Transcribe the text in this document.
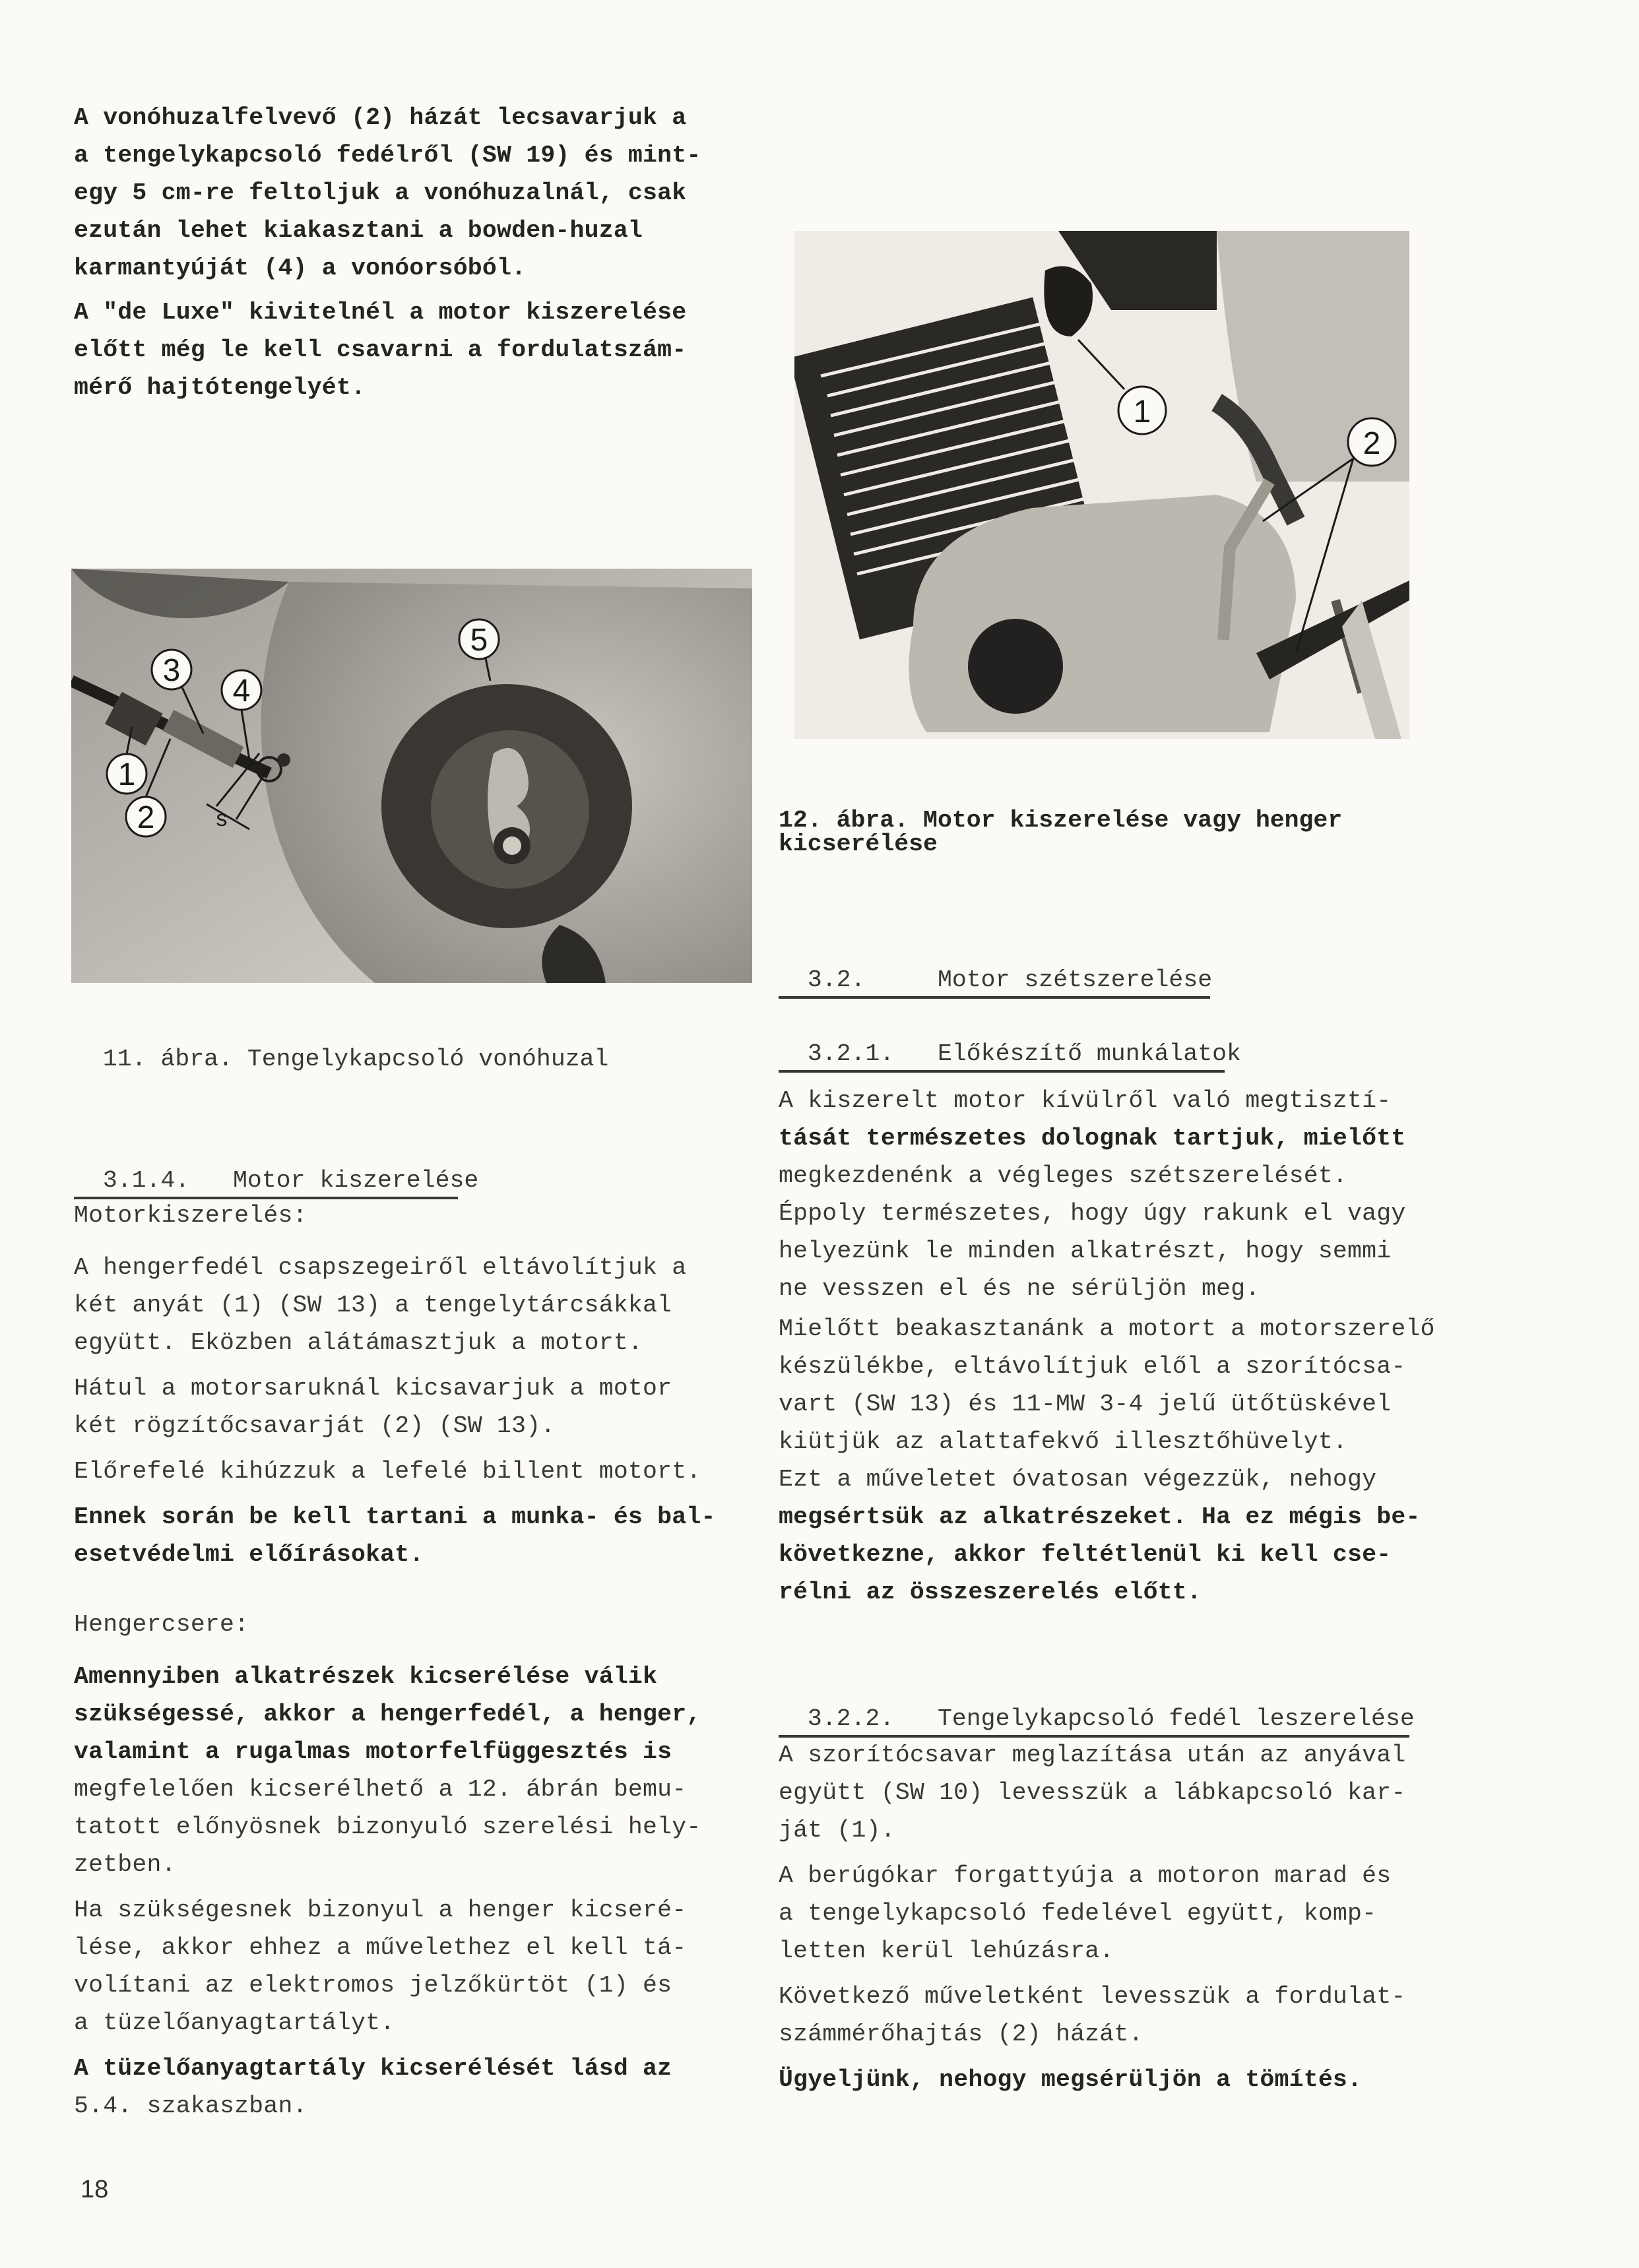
A vonóhuzalfelvevő (2) házát lecsavarjuk a

a tengelykapcsoló fedélről (SW 19) és mint-

egy 5 cm-re feltoljuk a vonóhuzalnál, csak

ezután lehet kiakasztani a bowden-huzal

karmantyúját (4) a vonóorsóból.

A "de Luxe" kivitelnél a motor kiszerelése

előtt még le kell csavarni a fordulatszám-

mérő hajtótengelyét.

1
2
3
4
5
s

11. ábra. Tengelykapcsoló vonóhuzal

3.1.4. Motor kiszerelése

Motorkiszerelés:

A hengerfedél csapszegeiről eltávolítjuk a

két anyát (1) (SW 13) a tengelytárcsákkal

együtt. Eközben alátámasztjuk a motort.

Hátul a motorsaruknál kicsavarjuk a motor

két rögzítőcsavarját (2) (SW 13).

Előrefelé kihúzzuk a lefelé billent motort.

Ennek során be kell tartani a munka- és bal-

esetvédelmi előírásokat.

Hengercsere:

Amennyiben alkatrészek kicserélése válik

szükségessé, akkor a hengerfedél, a henger,

valamint a rugalmas motorfelfüggesztés is

megfelelően kicserélhető a 12. ábrán bemu-

tatott előnyösnek bizonyuló szerelési hely-

zetben.

Ha szükségesnek bizonyul a henger kicseré-

lése, akkor ehhez a művelethez el kell tá-

volítani az elektromos jelzőkürtöt (1) és

a tüzelőanyagtartályt.

A tüzelőanyagtartály kicserélését lásd az

5.4. szakaszban.

1
2
12. ábra. Motor kiszerelése vagy henger
kicserélése

3.2.	Motor szétszerelése

3.2.1. Előkészítő munkálatok

A kiszerelt motor kívülről való megtisztí-

tását természetes dolognak tartjuk, mielőtt

megkezdenénk a végleges szétszerelését.

Éppoly természetes, hogy úgy rakunk el vagy

helyezünk le minden alkatrészt, hogy semmi

ne vesszen el és ne sérüljön meg.

Mielőtt beakasztanánk a motort a motorszerelő

készülékbe, eltávolítjuk elől a szorítócsa-

vart (SW 13) és 11-MW 3-4 jelű ütőtüskével

kiütjük az alattafekvő illesztőhüvelyt.

Ezt a műveletet óvatosan végezzük, nehogy

megsértsük az alkatrészeket. Ha ez mégis be-

következne, akkor feltétlenül ki kell cse-

rélni az összeszerelés előtt.

3.2.2. Tengelykapcsoló fedél leszerelése

A szorítócsavar meglazítása után az anyával

együtt (SW 10) levesszük a lábkapcsoló kar-

ját (1).

A berúgókar forgattyúja a motoron marad és

a tengelykapcsoló fedelével együtt, komp-

letten kerül lehúzásra.

Következő műveletként levesszük a fordulat-

számmérőhajtás (2) házát.

Ügyeljünk, nehogy megsérüljön a tömítés.

18
